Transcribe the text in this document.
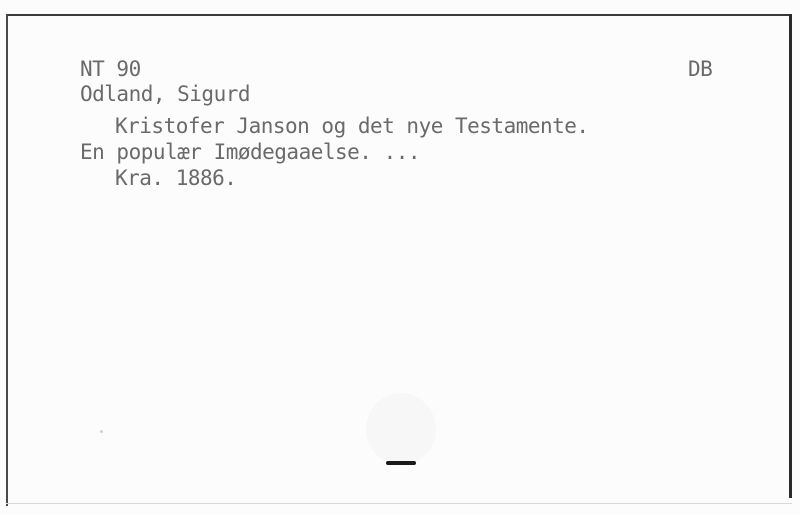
NT 90	DB
Odland, Sigurd
Kristofer Janson og det nye Testamente.
En populær Imødegaaelse. ...
Kra. 1886.
